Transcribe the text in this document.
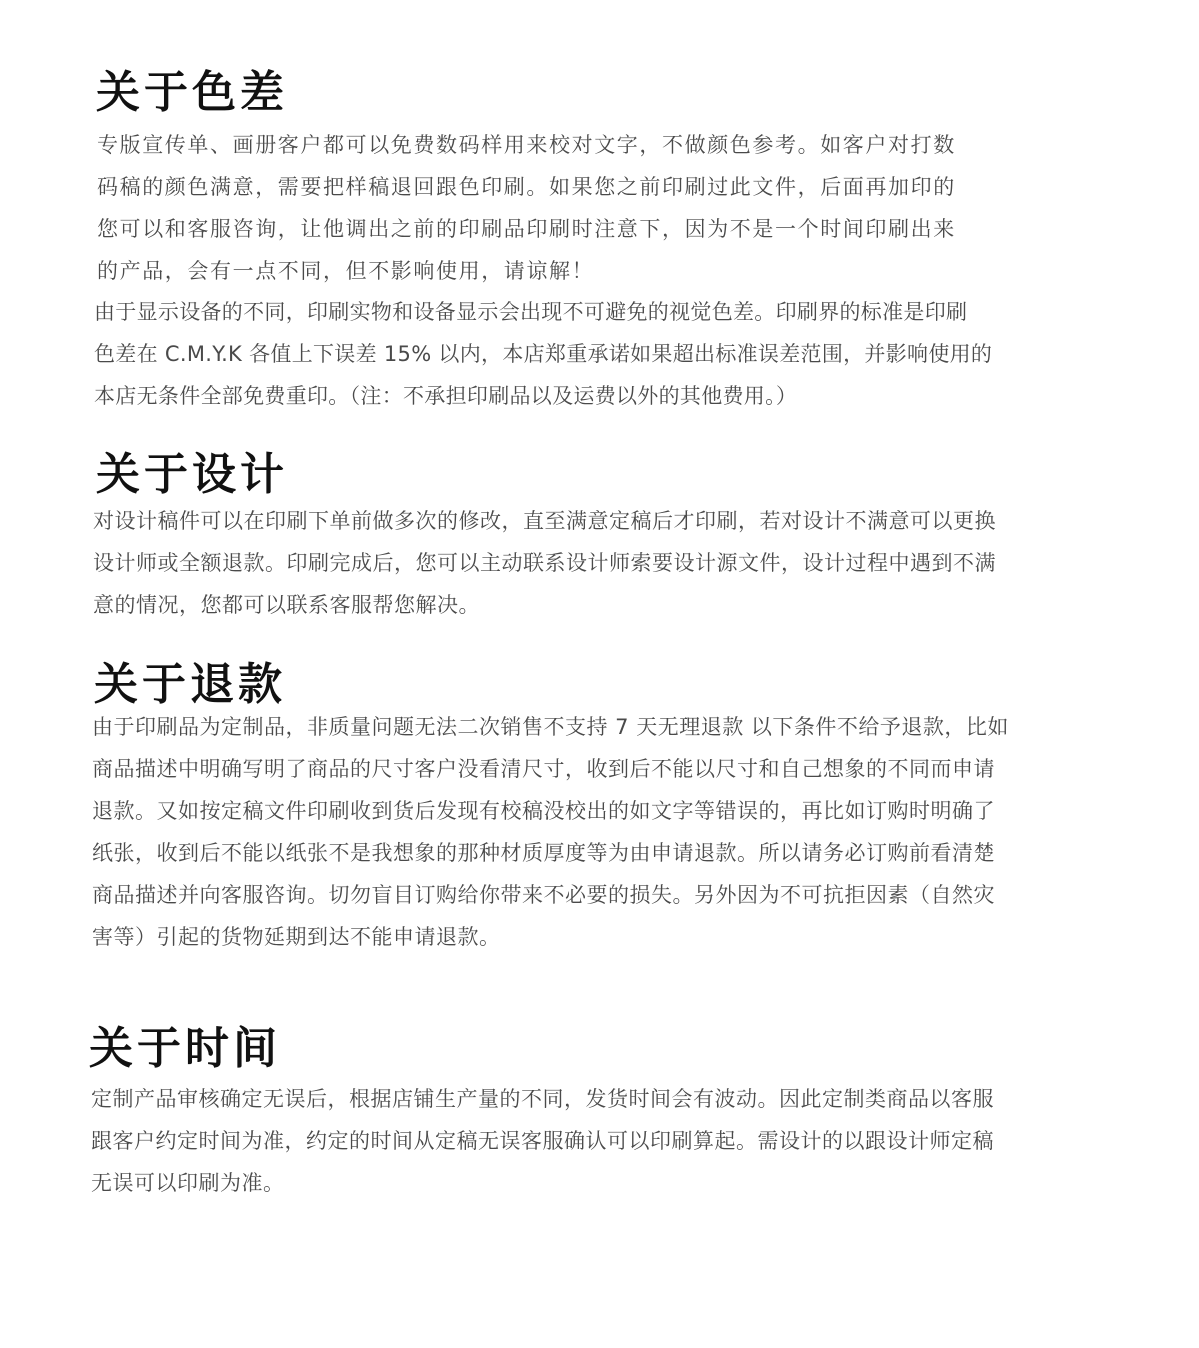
关于色差

专版宣传单、画册客户都可以免费数码样用来校对文字，不做颜色参考。如客户对打数
码稿的颜色满意，需要把样稿退回跟色印刷。如果您之前印刷过此文件，后面再加印的
您可以和客服咨询，让他调出之前的印刷品印刷时注意下，因为不是一个时间印刷出来
的产品，会有一点不同，但不影响使用，请谅解！

由于显示设备的不同，印刷实物和设备显示会出现不可避免的视觉色差。印刷界的标准是印刷
色差在 C.M.Y.K 各值上下误差 15% 以内，本店郑重承诺如果超出标准误差范围，并影响使用的
本店无条件全部免费重印。（注：不承担印刷品以及运费以外的其他费用。）

关于设计

对设计稿件可以在印刷下单前做多次的修改，直至满意定稿后才印刷，若对设计不满意可以更换
设计师或全额退款。印刷完成后，您可以主动联系设计师索要设计源文件，设计过程中遇到不满
意的情况，您都可以联系客服帮您解决。

关于退款

由于印刷品为定制品，非质量问题无法二次销售不支持 7 天无理退款 以下条件不给予退款，比如
商品描述中明确写明了商品的尺寸客户没看清尺寸，收到后不能以尺寸和自己想象的不同而申请
退款。又如按定稿文件印刷收到货后发现有校稿没校出的如文字等错误的，再比如订购时明确了
纸张，收到后不能以纸张不是我想象的那种材质厚度等为由申请退款。所以请务必订购前看清楚
商品描述并向客服咨询。切勿盲目订购给你带来不必要的损失。另外因为不可抗拒因素（自然灾
害等）引起的货物延期到达不能申请退款。

关于时间

定制产品审核确定无误后，根据店铺生产量的不同，发货时间会有波动。因此定制类商品以客服
跟客户约定时间为准，约定的时间从定稿无误客服确认可以印刷算起。需设计的以跟设计师定稿
无误可以印刷为准。
